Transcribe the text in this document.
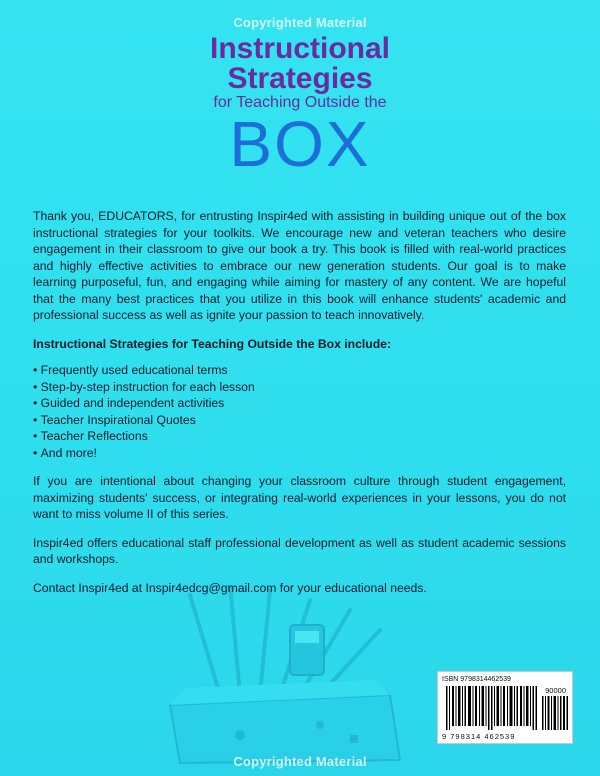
Copyrighted Material
Instructional
Strategies
for Teaching Outside the
BOX

Thank you, EDUCATORS, for entrusting Inspir4ed with assisting in building unique out of the box instructional strategies for your toolkits. We encourage new and veteran teachers who desire engagement in their classroom to give our book a try. This book is filled with real-world practices and highly effective activities to embrace our new generation students. Our goal is to make learning purposeful, fun, and engaging while aiming for mastery of any content. We are hopeful that the many best practices that you utilize in this book will enhance students' academic and professional success as well as ignite your passion to teach innovatively.

Instructional Strategies for Teaching Outside the Box include:
• Frequently used educational terms
• Step-by-step instruction for each lesson
• Guided and independent activities
• Teacher Inspirational Quotes
• Teacher Reflections
• And more!

If you are intentional about changing your classroom culture through student engagement, maximizing students' success, or integrating real-world experiences in your lessons, you do not want to miss volume II of this series.

Inspir4ed offers educational staff professional development as well as student academic sessions and workshops.

Contact Inspir4ed at Inspir4edcg@gmail.com for your educational needs.

ISBN 9798314462539
90000
9 798314 462539
Copyrighted Material
